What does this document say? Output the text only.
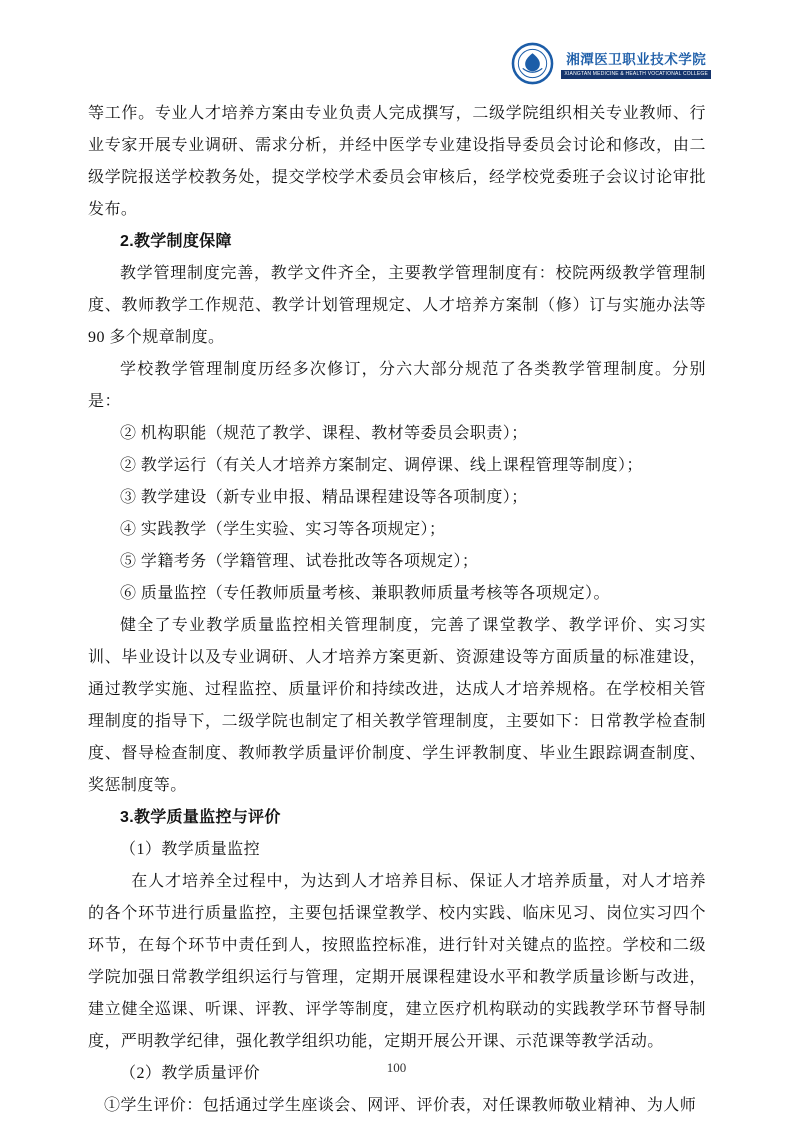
湘潭医卫职业技术学院
XIANGTAN MEDICINE & HEALTH VOCATIONAL COLLEGE

等工作。专业人才培养方案由专业负责人完成撰写，二级学院组织相关专业教师、行业专家开展专业调研、需求分析，并经中医学专业建设指导委员会讨论和修改，由二级学院报送学校教务处，提交学校学术委员会审核后，经学校党委班子会议讨论审批发布。

2.教学制度保障

教学管理制度完善，教学文件齐全，主要教学管理制度有：校院两级教学管理制度、教师教学工作规范、教学计划管理规定、人才培养方案制（修）订与实施办法等 90 多个规章制度。

学校教学管理制度历经多次修订，分六大部分规范了各类教学管理制度。分别是：

② 机构职能（规范了教学、课程、教材等委员会职责）；

② 教学运行（有关人才培养方案制定、调停课、线上课程管理等制度）；

③ 教学建设（新专业申报、精品课程建设等各项制度）；

④ 实践教学（学生实验、实习等各项规定）；

⑤ 学籍考务（学籍管理、试卷批改等各项规定）；

⑥ 质量监控（专任教师质量考核、兼职教师质量考核等各项规定）。

健全了专业教学质量监控相关管理制度，完善了课堂教学、教学评价、实习实训、毕业设计以及专业调研、人才培养方案更新、资源建设等方面质量的标准建设，通过教学实施、过程监控、质量评价和持续改进，达成人才培养规格。在学校相关管理制度的指导下，二级学院也制定了相关教学管理制度，主要如下：日常教学检查制度、督导检查制度、教师教学质量评价制度、学生评教制度、毕业生跟踪调查制度、奖惩制度等。

3.教学质量监控与评价

（1）教学质量监控

在人才培养全过程中，为达到人才培养目标、保证人才培养质量，对人才培养的各个环节进行质量监控，主要包括课堂教学、校内实践、临床见习、岗位实习四个环节，在每个环节中责任到人，按照监控标准，进行针对关键点的监控。学校和二级学院加强日常教学组织运行与管理，定期开展课程建设水平和教学质量诊断与改进，建立健全巡课、听课、评教、评学等制度，建立医疗机构联动的实践教学环节督导制度，严明教学纪律，强化教学组织功能，定期开展公开课、示范课等教学活动。

（2）教学质量评价

①学生评价：包括通过学生座谈会、网评、评价表，对任课教师敬业精神、为人师

100
